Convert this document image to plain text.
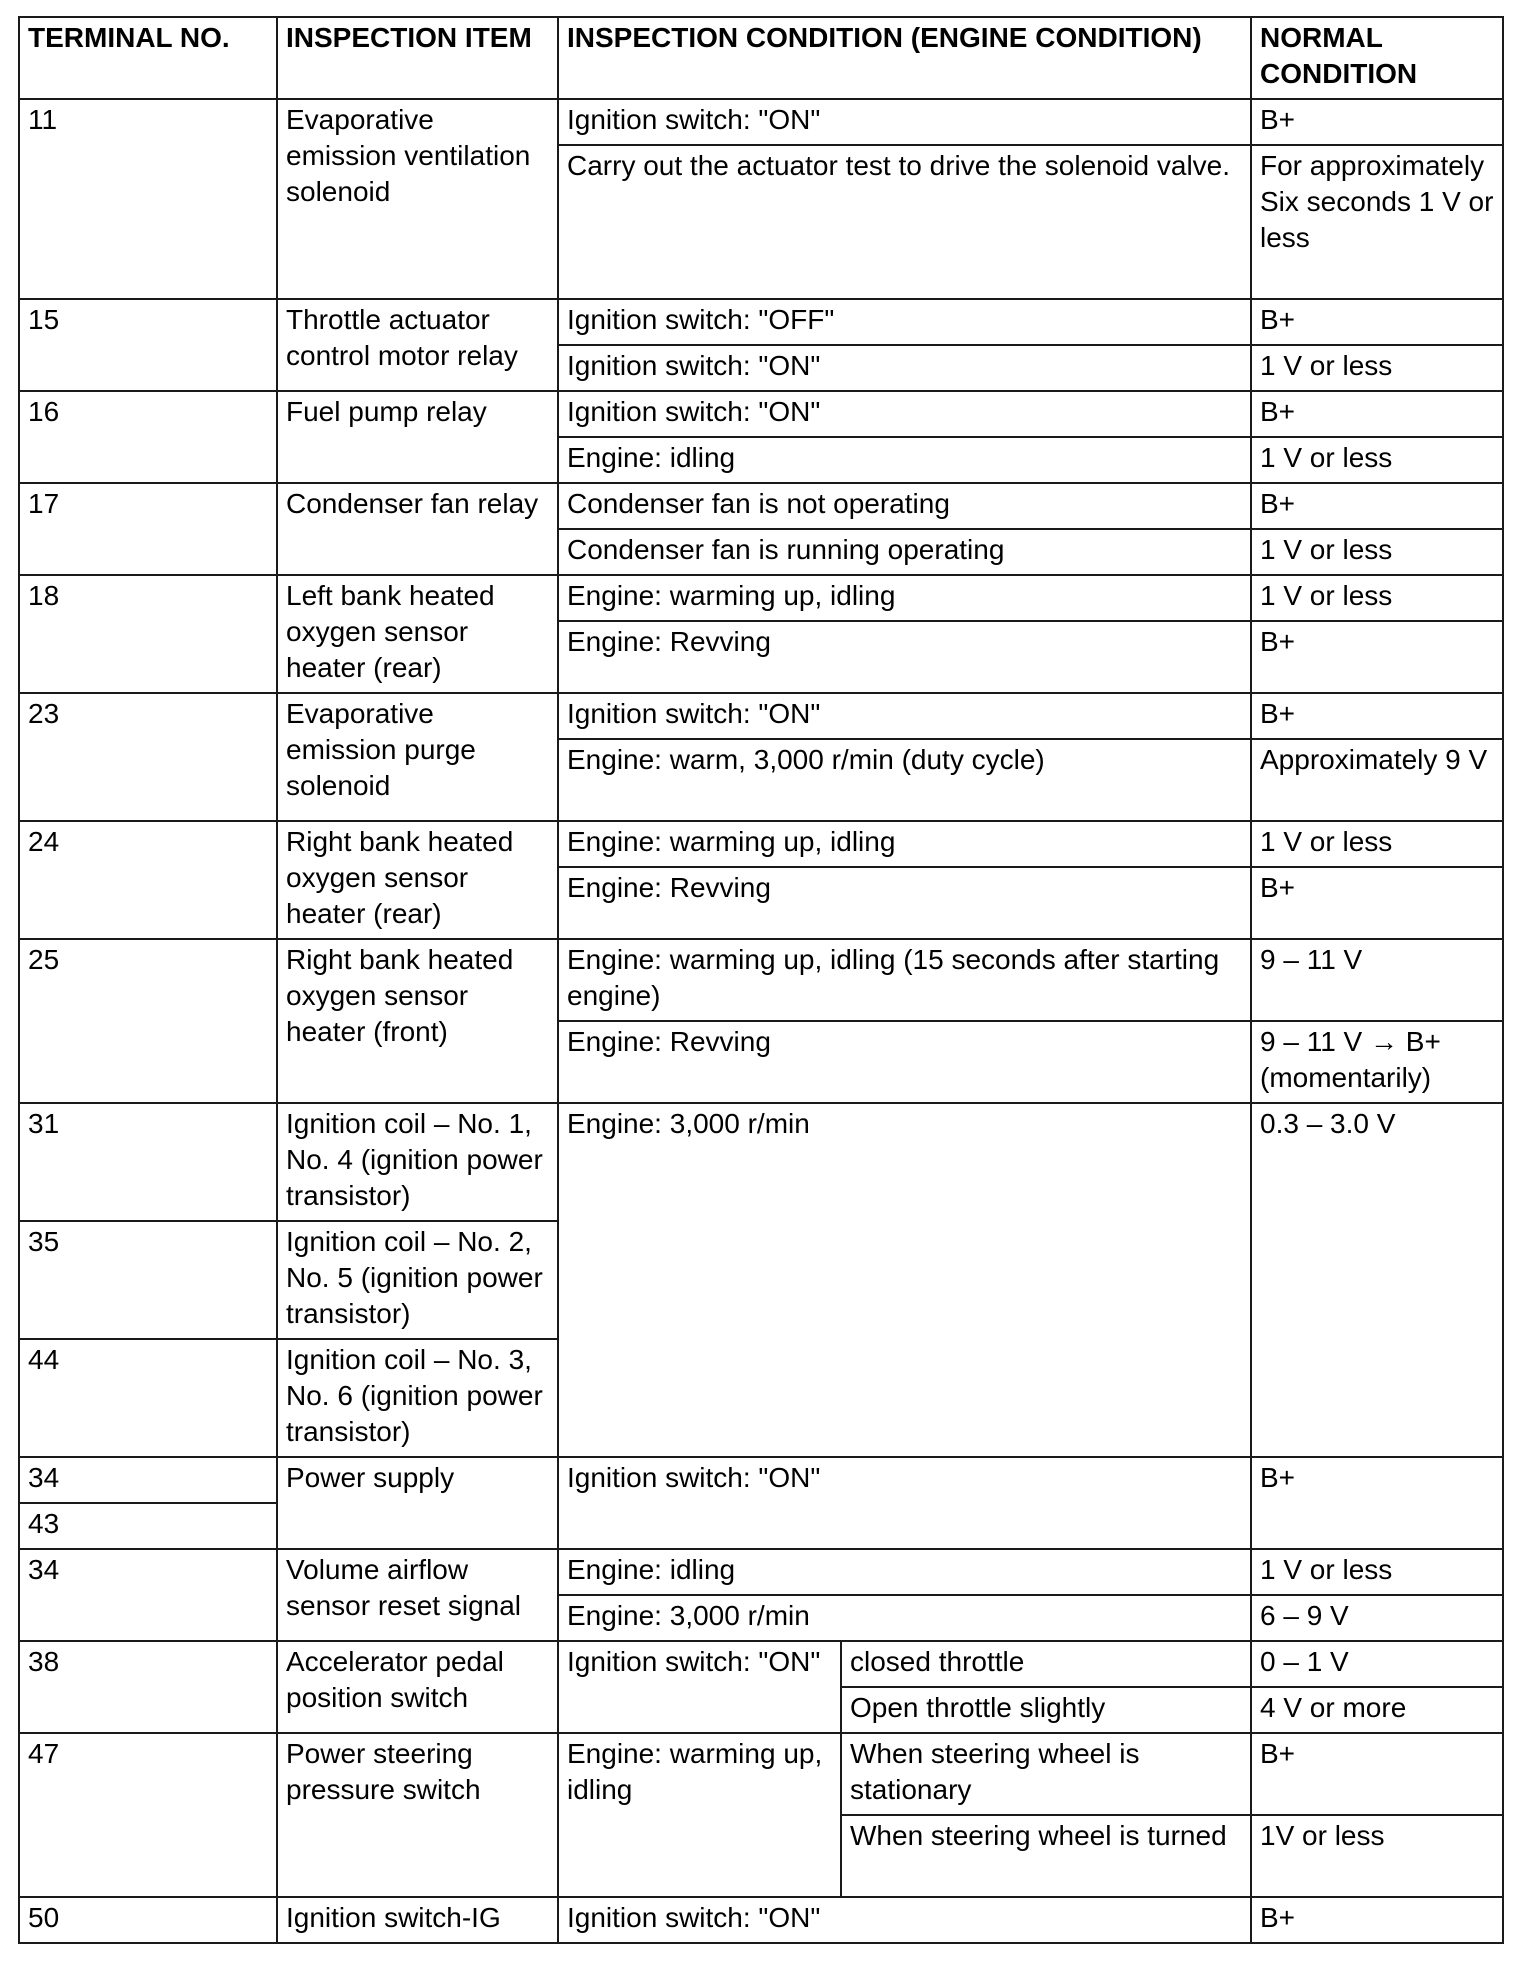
TERMINAL NO.	INSPECTION ITEM	INSPECTION CONDITION (ENGINE CONDITION)		NORMAL CONDITION
11	Evaporative emission ventilation solenoid	Ignition switch: "ON"		B+
		Carry out the actuator test to drive the solenoid valve.		For approximately Six seconds 1 V or less
15	Throttle actuator control motor relay	Ignition switch: "OFF"		B+
		Ignition switch: "ON"		1 V or less
16	Fuel pump relay	Ignition switch: "ON"		B+
		Engine: idling		1 V or less
17	Condenser fan relay	Condenser fan is not operating		B+
		Condenser fan is running operating		1 V or less
18	Left bank heated oxygen sensor heater (rear)	Engine: warming up, idling		1 V or less
		Engine: Revving		B+
23	Evaporative emission purge solenoid	Ignition switch: "ON"		B+
		Engine: warm, 3,000 r/min (duty cycle)		Approximately 9 V
24	Right bank heated oxygen sensor heater (rear)	Engine: warming up, idling		1 V or less
		Engine: Revving		B+
25	Right bank heated oxygen sensor heater (front)	Engine: warming up, idling (15 seconds after starting engine)		9 – 11 V
		Engine: Revving		9 – 11 V → B+ (momentarily)
31	Ignition coil – No. 1, No. 4 (ignition power transistor)	Engine: 3,000 r/min		0.3 – 3.0 V
35	Ignition coil – No. 2, No. 5 (ignition power transistor)			
44	Ignition coil – No. 3, No. 6 (ignition power transistor)			
34	Power supply	Ignition switch: "ON"		B+
43				
34	Volume airflow sensor reset signal	Engine: idling		1 V or less
		Engine: 3,000 r/min		6 – 9 V
38	Accelerator pedal position switch	Ignition switch: "ON"	closed throttle	0 – 1 V
			Open throttle slightly	4 V or more
47	Power steering pressure switch	Engine: warming up, idling	When steering wheel is stationary	B+
			When steering wheel is turned	1V or less
50	Ignition switch-IG	Ignition switch: "ON"		B+
